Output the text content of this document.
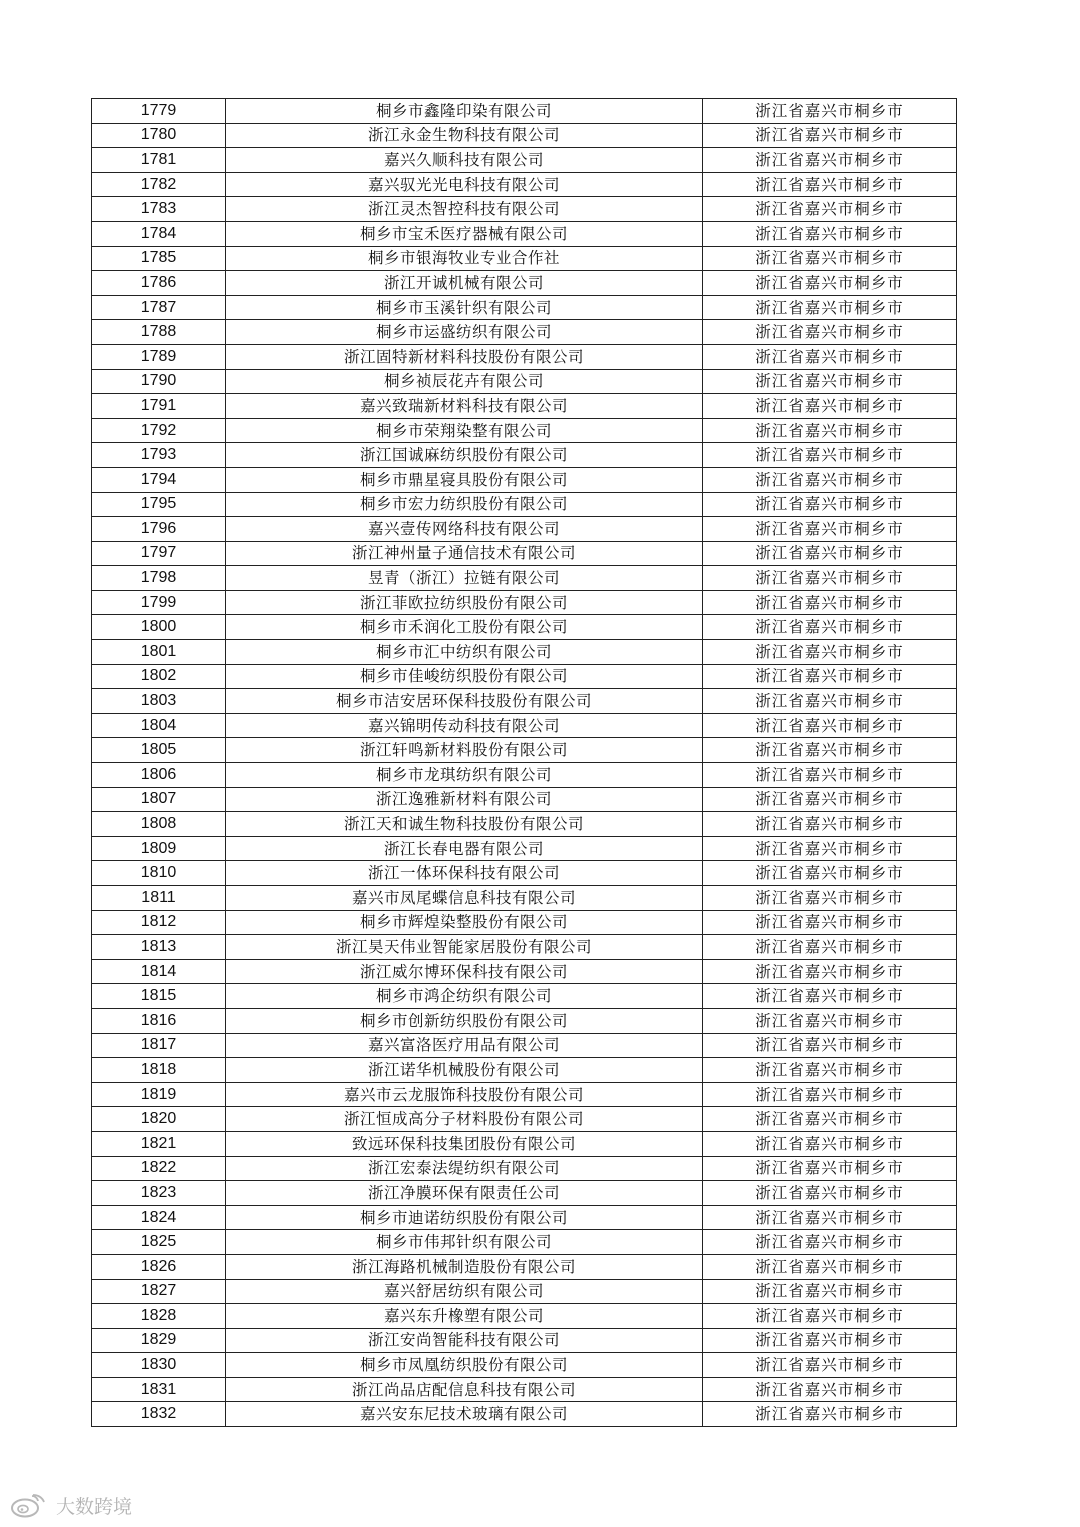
1779	桐乡市鑫隆印染有限公司	浙江省嘉兴市桐乡市
1780	浙江永金生物科技有限公司	浙江省嘉兴市桐乡市
1781	嘉兴久顺科技有限公司	浙江省嘉兴市桐乡市
1782	嘉兴驭光光电科技有限公司	浙江省嘉兴市桐乡市
1783	浙江灵杰智控科技有限公司	浙江省嘉兴市桐乡市
1784	桐乡市宝禾医疗器械有限公司	浙江省嘉兴市桐乡市
1785	桐乡市银海牧业专业合作社	浙江省嘉兴市桐乡市
1786	浙江开诚机械有限公司	浙江省嘉兴市桐乡市
1787	桐乡市玉溪针织有限公司	浙江省嘉兴市桐乡市
1788	桐乡市运盛纺织有限公司	浙江省嘉兴市桐乡市
1789	浙江固特新材料科技股份有限公司	浙江省嘉兴市桐乡市
1790	桐乡祯辰花卉有限公司	浙江省嘉兴市桐乡市
1791	嘉兴致瑞新材料科技有限公司	浙江省嘉兴市桐乡市
1792	桐乡市荣翔染整有限公司	浙江省嘉兴市桐乡市
1793	浙江国诚麻纺织股份有限公司	浙江省嘉兴市桐乡市
1794	桐乡市鼎星寝具股份有限公司	浙江省嘉兴市桐乡市
1795	桐乡市宏力纺织股份有限公司	浙江省嘉兴市桐乡市
1796	嘉兴壹传网络科技有限公司	浙江省嘉兴市桐乡市
1797	浙江神州量子通信技术有限公司	浙江省嘉兴市桐乡市
1798	昱青（浙江）拉链有限公司	浙江省嘉兴市桐乡市
1799	浙江菲欧拉纺织股份有限公司	浙江省嘉兴市桐乡市
1800	桐乡市禾润化工股份有限公司	浙江省嘉兴市桐乡市
1801	桐乡市汇中纺织有限公司	浙江省嘉兴市桐乡市
1802	桐乡市佳峻纺织股份有限公司	浙江省嘉兴市桐乡市
1803	桐乡市洁安居环保科技股份有限公司	浙江省嘉兴市桐乡市
1804	嘉兴锦明传动科技有限公司	浙江省嘉兴市桐乡市
1805	浙江轩鸣新材料股份有限公司	浙江省嘉兴市桐乡市
1806	桐乡市龙琪纺织有限公司	浙江省嘉兴市桐乡市
1807	浙江逸雅新材料有限公司	浙江省嘉兴市桐乡市
1808	浙江天和诚生物科技股份有限公司	浙江省嘉兴市桐乡市
1809	浙江长春电器有限公司	浙江省嘉兴市桐乡市
1810	浙江一体环保科技有限公司	浙江省嘉兴市桐乡市
1811	嘉兴市凤尾蝶信息科技有限公司	浙江省嘉兴市桐乡市
1812	桐乡市辉煌染整股份有限公司	浙江省嘉兴市桐乡市
1813	浙江昊天伟业智能家居股份有限公司	浙江省嘉兴市桐乡市
1814	浙江威尔博环保科技有限公司	浙江省嘉兴市桐乡市
1815	桐乡市鸿企纺织有限公司	浙江省嘉兴市桐乡市
1816	桐乡市创新纺织股份有限公司	浙江省嘉兴市桐乡市
1817	嘉兴富洛医疗用品有限公司	浙江省嘉兴市桐乡市
1818	浙江诺华机械股份有限公司	浙江省嘉兴市桐乡市
1819	嘉兴市云龙服饰科技股份有限公司	浙江省嘉兴市桐乡市
1820	浙江恒成高分子材料股份有限公司	浙江省嘉兴市桐乡市
1821	致远环保科技集团股份有限公司	浙江省嘉兴市桐乡市
1822	浙江宏泰法缇纺织有限公司	浙江省嘉兴市桐乡市
1823	浙江净膜环保有限责任公司	浙江省嘉兴市桐乡市
1824	桐乡市迪诺纺织股份有限公司	浙江省嘉兴市桐乡市
1825	桐乡市伟邦针织有限公司	浙江省嘉兴市桐乡市
1826	浙江海路机械制造股份有限公司	浙江省嘉兴市桐乡市
1827	嘉兴舒居纺织有限公司	浙江省嘉兴市桐乡市
1828	嘉兴东升橡塑有限公司	浙江省嘉兴市桐乡市
1829	浙江安尚智能科技有限公司	浙江省嘉兴市桐乡市
1830	桐乡市凤凰纺织股份有限公司	浙江省嘉兴市桐乡市
1831	浙江尚品店配信息科技有限公司	浙江省嘉兴市桐乡市
1832	嘉兴安东尼技术玻璃有限公司	浙江省嘉兴市桐乡市
大数跨境
